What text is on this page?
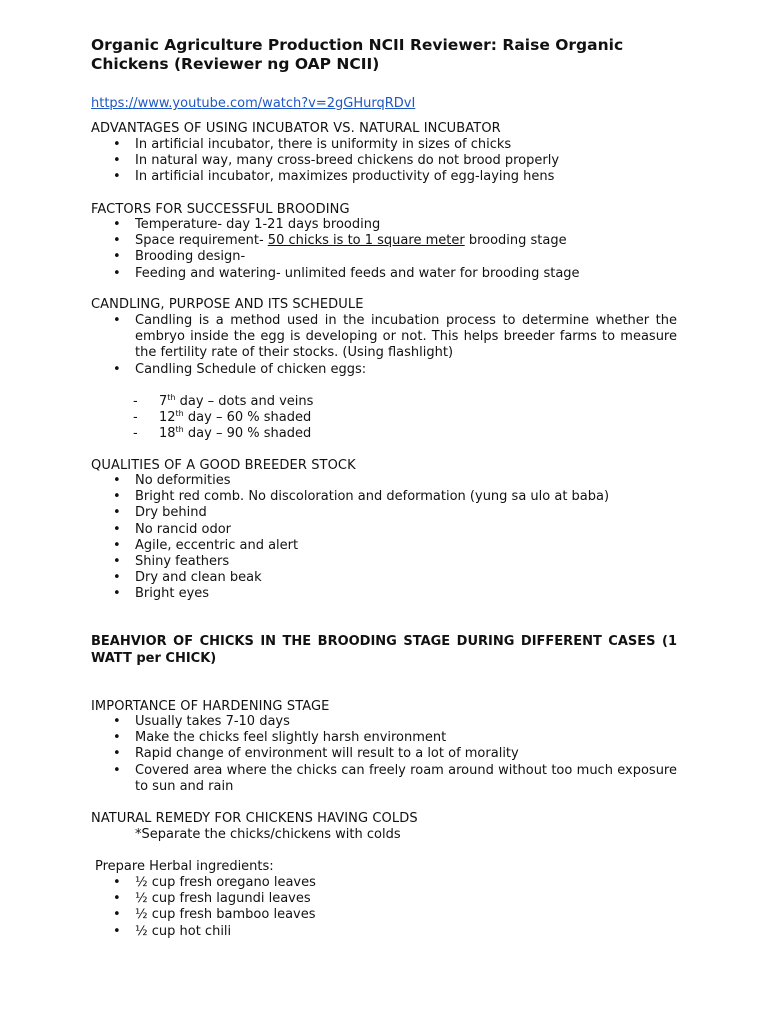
Organic Agriculture Production NCII Reviewer: Raise Organic Chickens (Reviewer ng OAP NCII)
https://www.youtube.com/watch?v=2gGHurqRDvI
ADVANTAGES OF USING INCUBATOR VS. NATURAL INCUBATOR
• In artificial incubator, there is uniformity in sizes of chicks
• In natural way, many cross-breed chickens do not brood properly
• In artificial incubator, maximizes productivity of egg-laying hens
FACTORS FOR SUCCESSFUL BROODING
• Temperature- day 1-21 days brooding
• Space requirement- 50 chicks is to 1 square meter brooding stage
• Brooding design-
• Feeding and watering- unlimited feeds and water for brooding stage
CANDLING, PURPOSE AND ITS SCHEDULE
• Candling is a method used in the incubation process to determine whether the embryo inside the egg is developing or not. This helps breeder farms to measure the fertility rate of their stocks. (Using flashlight)
• Candling Schedule of chicken eggs:
- 7th day – dots and veins
- 12th day – 60 % shaded
- 18th day – 90 % shaded
QUALITIES OF A GOOD BREEDER STOCK
• No deformities
• Bright red comb. No discoloration and deformation (yung sa ulo at baba)
• Dry behind
• No rancid odor
• Agile, eccentric and alert
• Shiny feathers
• Dry and clean beak
• Bright eyes
BEAHVIOR OF CHICKS IN THE BROODING STAGE DURING DIFFERENT CASES (1 WATT per CHICK)
IMPORTANCE OF HARDENING STAGE
• Usually takes 7-10 days
• Make the chicks feel slightly harsh environment
• Rapid change of environment will result to a lot of morality
• Covered area where the chicks can freely roam around without too much exposure to sun and rain
NATURAL REMEDY FOR CHICKENS HAVING COLDS
*Separate the chicks/chickens with colds
Prepare Herbal ingredients:
• ½ cup fresh oregano leaves
• ½ cup fresh lagundi leaves
• ½ cup fresh bamboo leaves
• ½ cup hot chili
